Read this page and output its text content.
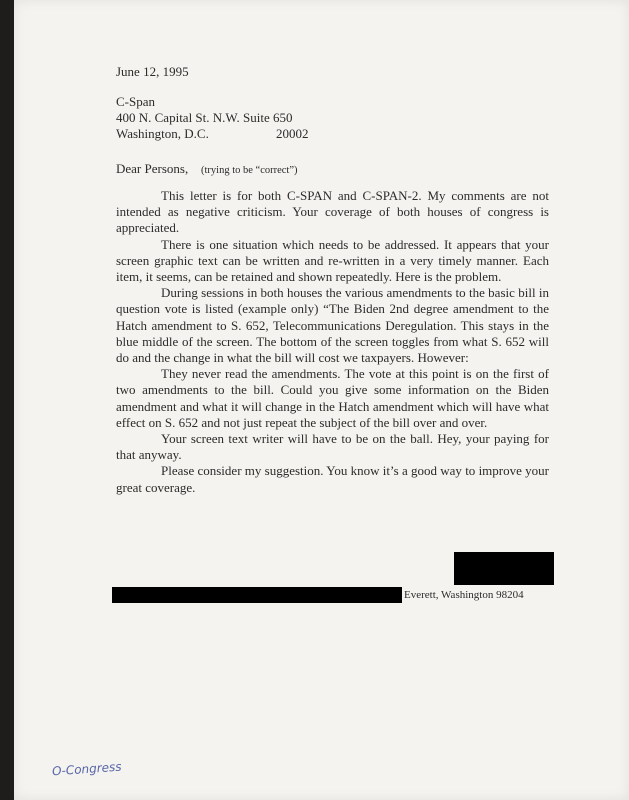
June 12, 1995
C-Span
400 N. Capital St. N.W. Suite 650
Washington, D.C.	20002
Dear Persons, (trying to be “correct”)

This letter is for both C-SPAN and C-SPAN-2. My comments are not intended as negative criticism. Your coverage of both houses of congress is appreciated.

There is one situation which needs to be addressed. It appears that your screen graphic text can be written and re-written in a very timely manner. Each item, it seems, can be retained and shown repeatedly. Here is the problem.

During sessions in both houses the various amendments to the basic bill in question vote is listed (example only) “The Biden 2nd degree amendment to the Hatch amendment to S. 652, Telecommunications Deregulation. This stays in the blue middle of the screen. The bottom of the screen toggles from what S. 652 will do and the change in what the bill will cost we taxpayers. However:

They never read the amendments. The vote at this point is on the first of two amendments to the bill. Could you give some information on the Biden amendment and what it will change in the Hatch amendment which will have what effect on S. 652 and not just repeat the subject of the bill over and over.

Your screen text writer will have to be on the ball. Hey, your paying for that anyway.

Please consider my suggestion. You know it’s a good way to improve your great coverage.

Everett, Washington 98204
O-Congress
